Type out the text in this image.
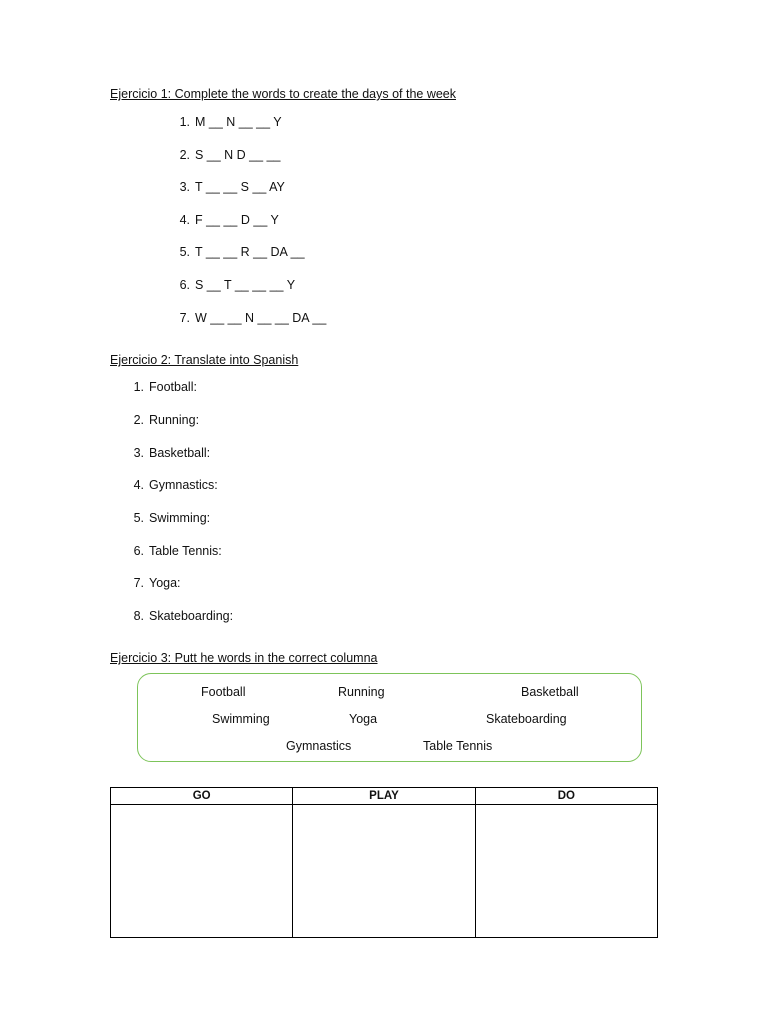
Ejercicio 1: Complete the words to create the days of the week
1. M __ N __ __ Y
2. S __ N D __ __
3. T __ __ S __ AY
4. F __ __ D __ Y
5. T __ __ R __ DA __
6. S __ T __ __ __ Y
7. W __ __ N __ __ DA __
Ejercicio 2: Translate into Spanish
1. Football:
2. Running:
3. Basketball:
4. Gymnastics:
5. Swimming:
6. Table Tennis:
7. Yoga:
8. Skateboarding:
Ejercicio 3: Putt he words in the correct columna
Football	Running	Basketball
Swimming	Yoga	Skateboarding
Gymnastics	Table Tennis
GO	PLAY	DO
